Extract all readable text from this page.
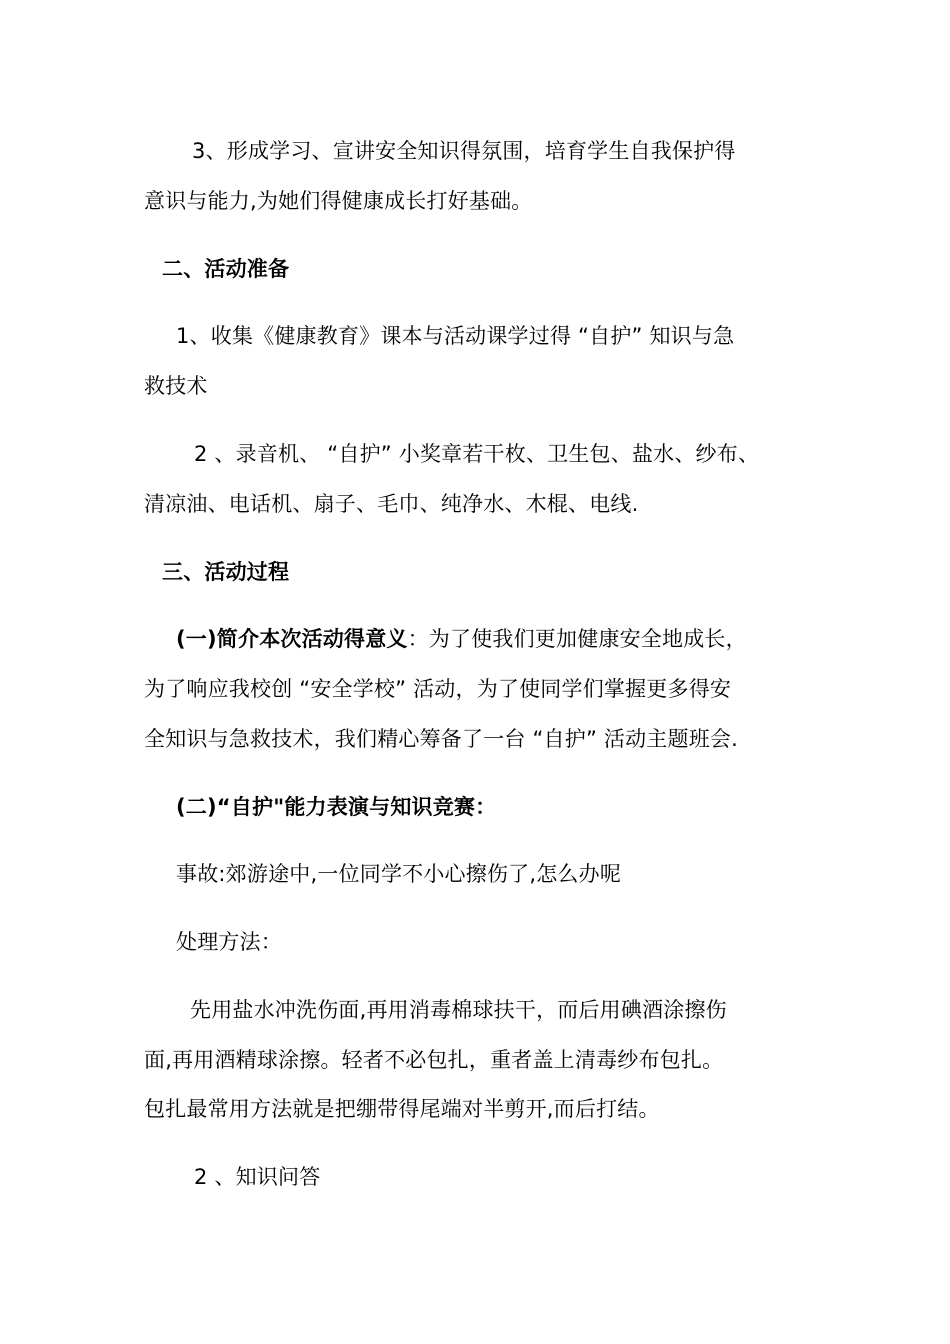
3、形成学习、宣讲安全知识得氛围，培育学生自我保护得
意识与能力,为她们得健康成长打好基础。
二、活动准备
1、收集《健康教育》课本与活动课学过得 “自护” 知识与急
救技术
2 、录音机、 “自护” 小奖章若干枚、卫生包、盐水、纱布、
清凉油、电话机、扇子、毛巾、纯净水、木棍、电线.
三、活动过程
(一)简介本次活动得意义：为了使我们更加健康安全地成长，
为了响应我校创 “安全学校” 活动，为了使同学们掌握更多得安
全知识与急救技术，我们精心筹备了一台 “自护” 活动主题班会.
(二)“自护"能力表演与知识竞赛：
事故:郊游途中,一位同学不小心擦伤了,怎么办呢
处理方法：
先用盐水冲洗伤面,再用消毒棉球扶干，而后用碘酒涂擦伤
面,再用酒精球涂擦。轻者不必包扎，重者盖上清毒纱布包扎。
包扎最常用方法就是把绷带得尾端对半剪开,而后打结。
2 、知识问答
